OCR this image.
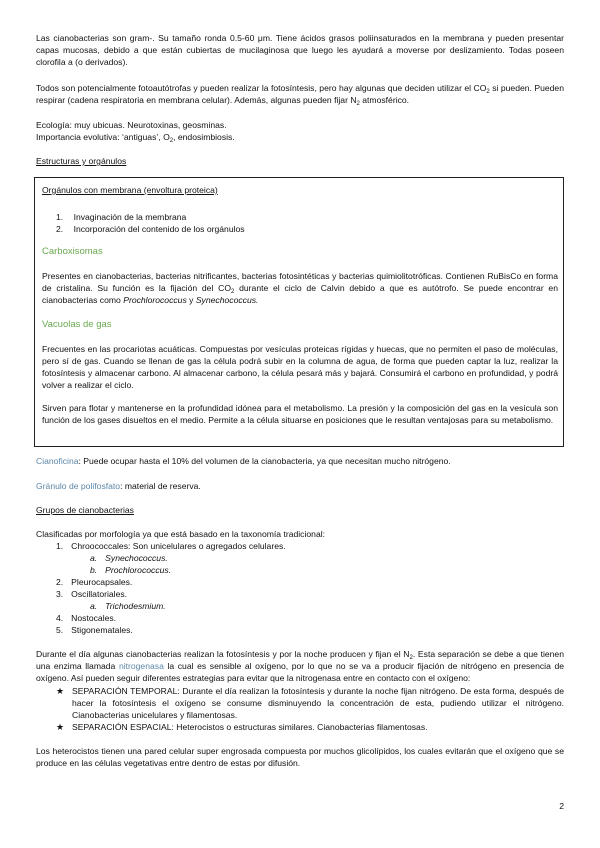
Las cianobacterias son gram-. Su tamaño ronda 0.5-60 μm. Tiene ácidos grasos poliinsaturados en la membrana y pueden presentar capas mucosas, debido a que están cubiertas de mucilaginosa que luego les ayudará a moverse por deslizamiento. Todas poseen clorofila a (o derivados).

Todos son potencialmente fotoautótrofas y pueden realizar la fotosíntesis, pero hay algunas que deciden utilizar el $CO_2$ si pueden. Pueden respirar (cadena respiratoria en membrana celular). Además, algunas pueden fijar $N_2$ atmosférico.

Ecología: muy ubicuas. Neurotoxinas, geosminas.

Importancia evolutiva: ‘antiguas’, $O_2$, endosimbiosis.

Estructuras y orgánulos
Orgánulos con membrana (envoltura proteica)
1. Invaginación de la membrana
2. Incorporación del contenido de los orgánulos
Carboxisomas

Presentes en cianobacterias, bacterias nitrificantes, bacterias fotosintéticas y bacterias quimiolitotróficas. Contienen RuBisCo en forma de cristalina. Su función es la fijación del $CO_2$ durante el ciclo de Calvin debido a que es autótrofo. Se puede encontrar en cianobacterias como Prochlorococcus y Synechococcus.

Vacuolas de gas

Frecuentes en las procariotas acuáticas. Compuestas por vesículas proteicas rígidas y huecas, que no permiten el paso de moléculas, pero sí de gas. Cuando se llenan de gas la célula podrá subir en la columna de agua, de forma que pueden captar la luz, realizar la fotosíntesis y almacenar carbono. Al almacenar carbono, la célula pesará más y bajará. Consumirá el carbono en profundidad, y podrá volver a realizar el ciclo.

Sirven para flotar y mantenerse en la profundidad idónea para el metabolismo. La presión y la composición del gas en la vesícula son función de los gases disueltos en el medio. Permite a la célula situarse en posiciones que le resultan ventajosas para su metabolismo.

Cianoficina: Puede ocupar hasta el 10% del volumen de la cianobacteria, ya que necesitan mucho nitrógeno.
Gránulo de polifosfato: material de reserva.
Grupos de cianobacterias

Clasificadas por morfología ya que está basado en la taxonomía tradicional:

1. Chroococcales: Son unicelulares o agregados celulares.
a. Synechococcus.
b. Prochlorococcus.
2. Pleurocapsales.
3. Oscillatoriales.
a. Trichodesmium.
4. Nostocales.
5. Stigonematales.

Durante el día algunas cianobacterias realizan la fotosíntesis y por la noche producen y fijan el $N_2$. Esta separación se debe a que tienen una enzima llamada nitrogenasa la cual es sensible al oxígeno, por lo que no se va a producir fijación de nitrógeno en presencia de oxígeno. Así pueden seguir diferentes estrategias para evitar que la nitrogenasa entre en contacto con el oxígeno:

★ SEPARACIÓN TEMPORAL: Durante el día realizan la fotosíntesis y durante la noche fijan nitrógeno. De esta forma, después de hacer la fotosíntesis el oxígeno se consume disminuyendo la concentración de esta, pudiendo utilizar el nitrógeno. Cianobacterias unicelulares y filamentosas.

★ SEPARACIÓN ESPACIAL: Heterocistos o estructuras similares. Cianobacterias filamentosas.

Los heterocistos tienen una pared celular super engrosada compuesta por muchos glicolípidos, los cuales evitarán que el oxígeno que se produce en las células vegetativas entre dentro de estas por difusión.

2
